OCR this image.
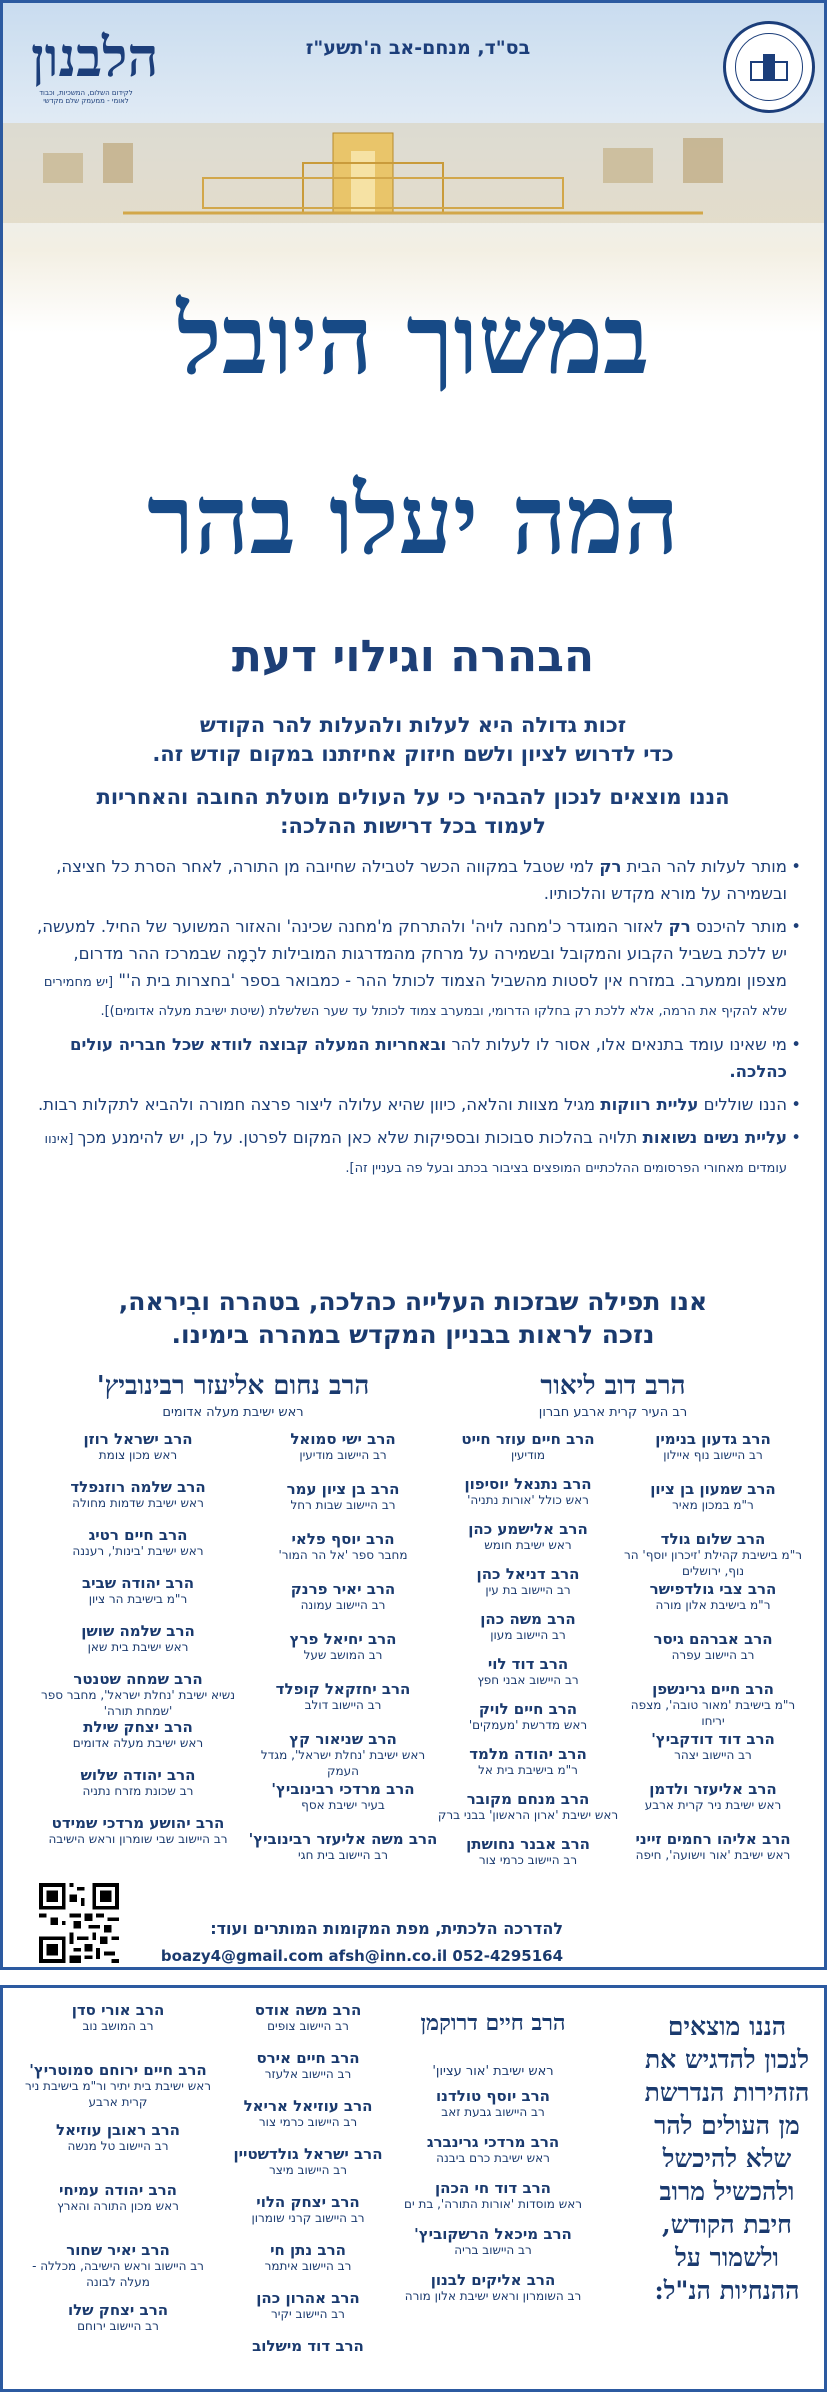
הלבנון
לקידום השלום, המשכיות, וכבוד לאומי - ממעמק שלם מקדשי
בס"ד, מנחם-אב ה'תשע"ז
במשוך היובל
המה יעלו בהר
הבהרה וגילוי דעת
זכות גדולה היא לעלות ולהעלות להר הקודש
כדי לדרוש לציון ולשם חיזוק אחיזתנו במקום קודש זה.
הננו מוצאים לנכון להבהיר כי על העולים מוטלת החובה והאחריות
לעמוד בכל דרישות ההלכה:

• מותר לעלות להר הבית רק למי שטבל במקווה הכשר לטבילה שחיובה מן התורה, לאחר הסרת כל חציצה, ובשמירה על מורא מקדש והלכותיו.

• מותר להיכנס רק לאזור המוגדר כ'מחנה לויה' ולהתרחק מ'מחנה שכינה' והאזור המשוער של החיל. למעשה, יש ללכת בשביל הקבוע והמקובל ובשמירה על מרחק מהמדרגות המובילות לרָמָה שבמרכז ההר מדרום, מצפון וממערב. במזרח אין לסטות מהשביל הצמוד לכותל ההר - כמבואר בספר 'בחצרות בית ה'" [יש מחמירים שלא להקיף את הרמה, אלא ללכת רק בחלקו הדרומי, ובמערב צמוד לכותל עד שער השלשלת (שיטת ישיבת מעלה אדומים)].

• מי שאינו עומד בתנאים אלו, אסור לו לעלות להר ובאחריות המעלה קבוצה לוודא שכל חבריה עולים כהלכה.

• הננו שוללים עליית רווקות מגיל מצוות והלאה, כיוון שהיא עלולה ליצור פרצה חמורה ולהביא לתקלות רבות.

• עליית נשים נשואות תלויה בהלכות סבוכות ובספיקות שלא כאן המקום לפרטן. על כן, יש להימנע מכך [אינוו עומדים מאחורי הפרסומים ההלכתיים המופצים בציבור בכתב ובעל פה בעניין זה].

אנו תפילה שבזכות העלייה כהלכה, בטהרה ובִיראה,
נזכה לראות בבניין המקדש במהרה בימינו.
הרב דוב ליאור
רב העיר קרית ארבע חברון
הרב נחום אליעזר רבינוביץ'
ראש ישיבת מעלה אדומים
הרב גדעון בנימין
רב היישוב נוף איילון
הרב שמעון בן ציון
ר"מ במכון מאיר
הרב שלום גולד
ר"מ בישיבת קהילת 'זיכרון יוסף' הר נוף, ירושלים
הרב צבי גולדפישר
ר"מ בישיבת אלון מורה
הרב אברהם גיסר
רב היישוב עפרה
הרב חיים גרינשפן
ר"מ בישיבת 'מאור טובה', מצפה יריחו
הרב דוד דודקביץ'
רב היישוב יצהר
הרב אליעזר ולדמן
ראש ישיבת ניר קרית ארבע
הרב אליהו רחמים זייני
ראש ישיבת 'אור וישועה', חיפה
הרב חיים עוזר חייט
מודיעין
הרב נתנאל יוסיפון
ראש כולל 'אורות נתניה'
הרב אלישמע כהן
ראש ישיבת חומש
הרב דניאל כהן
רב היישוב בת עין
הרב משה כהן
רב היישוב מעון
הרב דוד לוי
רב היישוב אבני חפץ
הרב חיים לויק
ראש מדרשת 'מעמקים'
הרב יהודה מלמד
ר"מ בישיבת בית אל
הרב מנחם מקובר
ראש ישיבת 'ארון הראשון' בבני ברק
הרב אבנר נחושתן
רב היישוב כרמי צור
הרב ישי סמואל
רב היישוב מודיעין
הרב בן ציון עמר
רב היישוב שבות רחל
הרב יוסף פלאי
מחבר ספר 'אל הר המור'
הרב יאיר פרנק
רב היישוב עמונה
הרב יחיאל פרץ
רב המושב שעל
הרב יחזקאל קופלד
רב היישוב דולב
הרב שניאור קץ
ראש ישיבת 'נחלת ישראל', מגדל העמק
הרב מרדכי רבינוביץ'
בעיר ישיבת אסף
הרב משה אליעזר רבינוביץ'
רב היישוב בית חגי
הרב ישראל רוזן
ראש מכון צומת
הרב שלמה רוזנפלד
ראש ישיבת שדמות מחולה
הרב חיים רטיג
ראש ישיבת 'בינות', רעננה
הרב יהודה שביב
ר"מ בישיבת הר ציון
הרב שלמה שושן
ראש ישיבת בית שאן
הרב שמחה שטנטר
נשיא ישיבת 'נחלת ישראל', מחבר ספר 'שמחת תורה'
הרב יצחק שילת
ראש ישיבת מעלה אדומים
הרב יהודה שלוש
רב שכונת מזרח נתניה
הרב יהושע מרדכי שמידט
רב היישוב שבי שומרון וראש הישיבה
להדרכה הלכתית, מפת המקומות המותרים ועוד:
boazy4@gmail.com afsh@inn.co.il 052-4295164
הננו מוצאים לנכון להדגיש את הזהירות הנדרשת מן העולים להר שלא להיכשל ולהכשיל מרוב חיבת הקודש, ולשמור על ההנחיות הנ"ל:
הרב חיים דרוקמן
ראש ישיבת 'אור עציון'
הרב יוסף טולדנו
רב היישוב גבעת זאב
הרב מרדכי גרינברג
ראש ישיבת כרם ביבנה
הרב דוד חי הכהן
ראש מוסדות 'אורות התורה', בת ים
הרב מיכאל הרשקוביץ'
רב היישוב בריה
הרב אליקים לבנון
רב השומרון וראש ישיבת אלון מורה
הרב משה אודס
רב היישוב צופים
הרב חיים אירס
רב היישוב אלעזר
הרב עוזיאל אריאל
רב היישוב כרמי צור
הרב ישראל גולדשטיין
רב היישוב מיצר
הרב יצחק הלוי
רב היישוב קרני שומרון
הרב נתן חי
רב היישוב איתמר
הרב אהרון כהן
רב היישוב יקיר
הרב דוד מישלוב
הרב אורי סדן
רב המושב נוב
הרב חיים ירוחם סמוטריץ'
ראש ישיבת בית יתיר ור"מ בישיבת ניר קרית ארבע
הרב ראובן עוזיאל
רב היישוב טל מנשה
הרב יהודה עמיחי
ראש מכון התורה והארץ
הרב יאיר שחור
רב היישוב וראש הישיבה, מכללה - מעלה לבונה
הרב יצחק שלו
רב היישוב ירוחם
